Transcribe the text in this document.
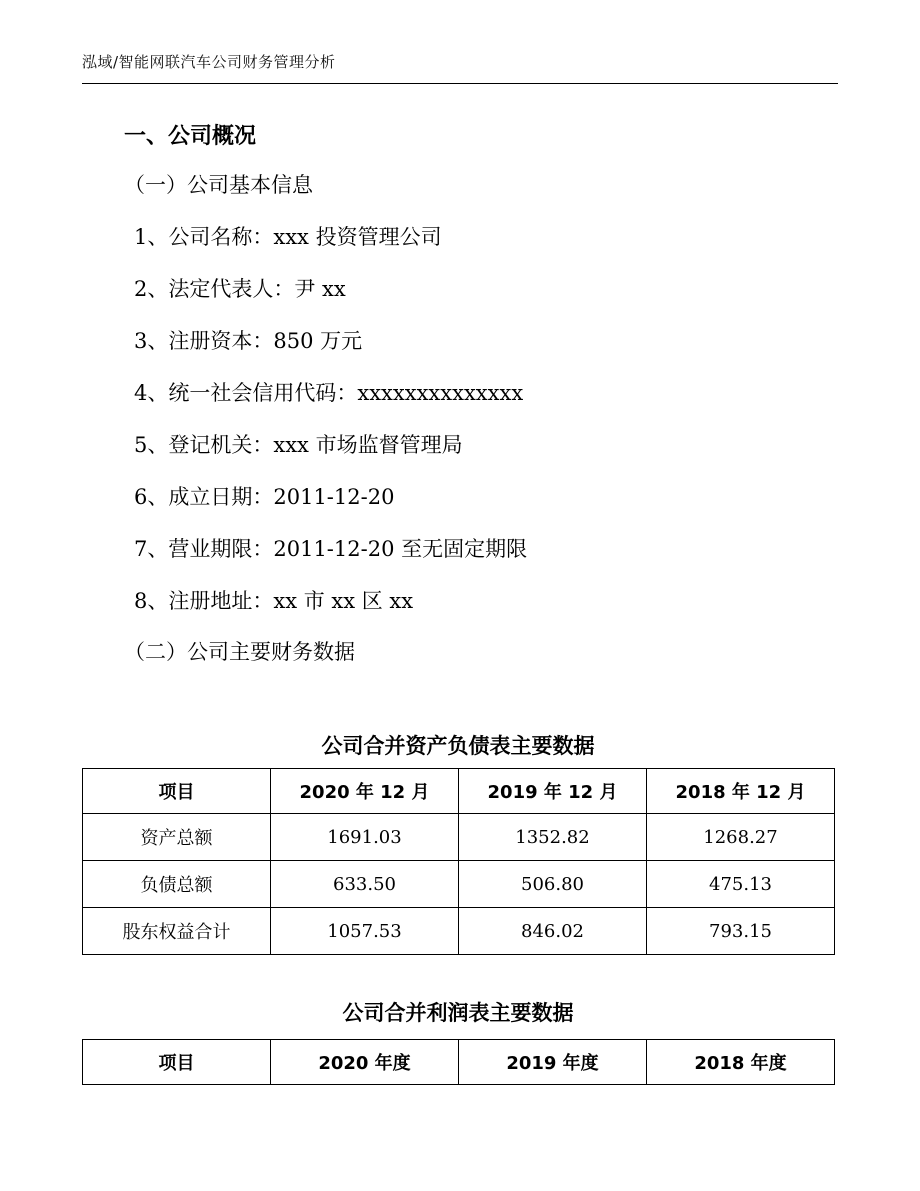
泓域/智能网联汽车公司财务管理分析
一、公司概况
（一）公司基本信息
1、公司名称：xxx 投资管理公司
2、法定代表人：尹 xx
3、注册资本：850 万元
4、统一社会信用代码：xxxxxxxxxxxxxx
5、登记机关：xxx 市场监督管理局
6、成立日期：2011-12-20
7、营业期限：2011-12-20 至无固定期限
8、注册地址：xx 市 xx 区 xx
（二）公司主要财务数据
公司合并资产负债表主要数据
项目	2020 年 12 月	2019 年 12 月	2018 年 12 月
资产总额	1691.03	1352.82	1268.27
负债总额	633.50	506.80	475.13
股东权益合计	1057.53	846.02	793.15
公司合并利润表主要数据
项目	2020 年度	2019 年度	2018 年度
